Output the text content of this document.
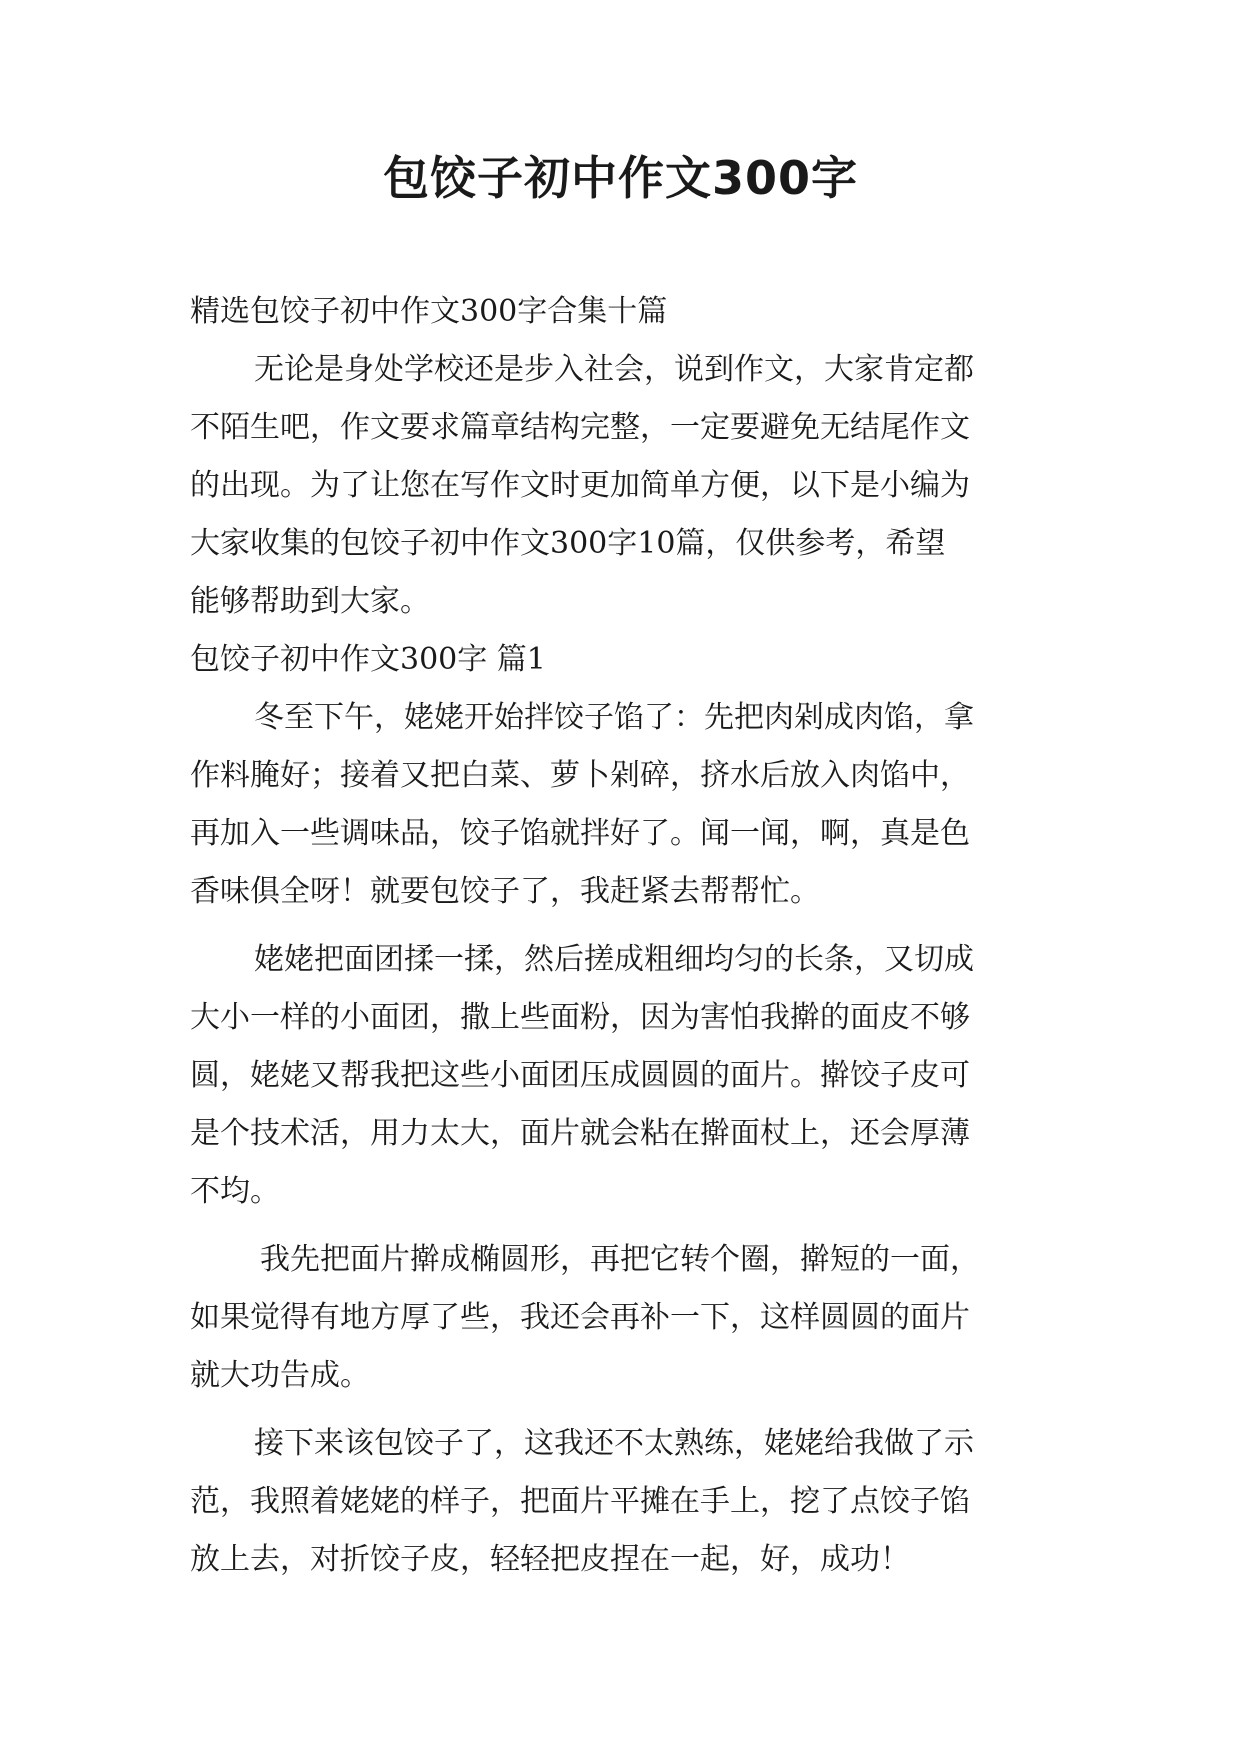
包饺子初中作文300字
精选包饺子初中作文300字合集十篇
无论是身处学校还是步入社会，说到作文，大家肯定都
不陌生吧，作文要求篇章结构完整，一定要避免无结尾作文
的出现。为了让您在写作文时更加简单方便，以下是小编为
大家收集的包饺子初中作文300字10篇，仅供参考，希望
能够帮助到大家。
包饺子初中作文300字 篇1
冬至下午，姥姥开始拌饺子馅了：先把肉剁成肉馅，拿
作料腌好；接着又把白菜、萝卜剁碎，挤水后放入肉馅中，
再加入一些调味品，饺子馅就拌好了。闻一闻，啊，真是色
香味俱全呀！就要包饺子了，我赶紧去帮帮忙。
姥姥把面团揉一揉，然后搓成粗细均匀的长条，又切成
大小一样的小面团，撒上些面粉，因为害怕我擀的面皮不够
圆，姥姥又帮我把这些小面团压成圆圆的面片。擀饺子皮可
是个技术活，用力太大，面片就会粘在擀面杖上，还会厚薄
不均。
我先把面片擀成椭圆形，再把它转个圈，擀短的一面，
如果觉得有地方厚了些，我还会再补一下，这样圆圆的面片
就大功告成。
接下来该包饺子了，这我还不太熟练，姥姥给我做了示
范，我照着姥姥的样子，把面片平摊在手上，挖了点饺子馅
放上去，对折饺子皮，轻轻把皮捏在一起，好，成功！
